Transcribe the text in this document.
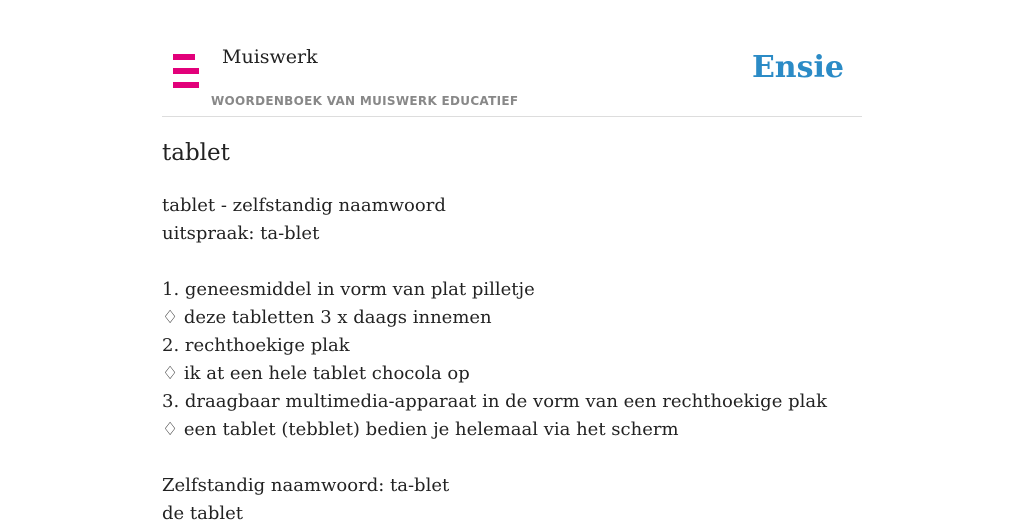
Muiswerk
WOORDENBOEK VAN MUISWERK EDUCATIEF
Ensie
tablet
tablet - zelfstandig naamwoord
uitspraak: ta-blet
1. geneesmiddel in vorm van plat pilletje
♢ deze tabletten 3 x daags innemen
2. rechthoekige plak
♢ ik at een hele tablet chocola op
3. draagbaar multimedia-apparaat in de vorm van een rechthoekige plak
♢ een tablet (tebblet) bedien je helemaal via het scherm
Zelfstandig naamwoord: ta-blet
de tablet
